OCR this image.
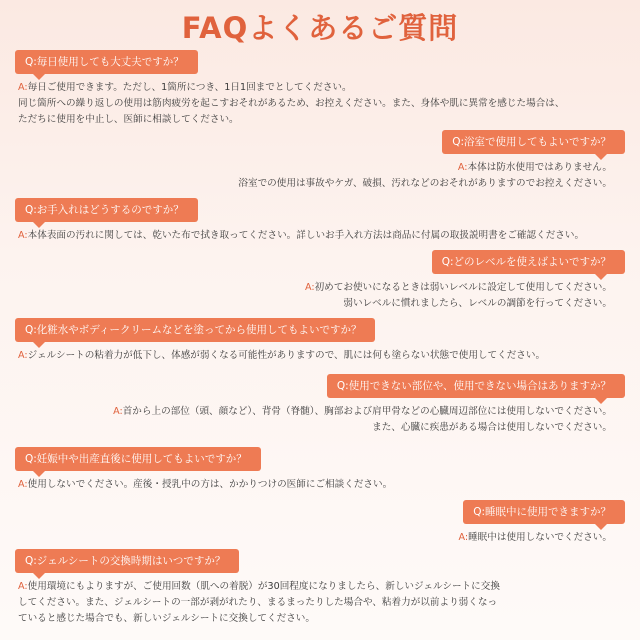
FAQよくあるご質問
Q:毎日使用しても大丈夫ですか？
A:毎日ご使用できます。ただし、1箇所につき、1日1回までとしてください。
同じ箇所への繰り返しの使用は筋肉疲労を起こすおそれがあるため、お控えください。また、身体や肌に異常を感じた場合は、
ただちに使用を中止し、医師に相談してください。
Q:浴室で使用してもよいですか？
A:本体は防水使用ではありません。
浴室での使用は事故やケガ、破損、汚れなどのおそれがありますのでお控えください。
Q:お手入れはどうするのですか？
A:本体表面の汚れに関しては、乾いた布で拭き取ってください。詳しいお手入れ方法は商品に付属の取扱説明書をご確認ください。
Q:どのレベルを使えばよいですか？
A:初めてお使いになるときは弱いレベルに設定して使用してください。
弱いレベルに慣れましたら、レベルの調節を行ってください。
Q:化粧水やボディークリームなどを塗ってから使用してもよいですか？
A:ジェルシートの粘着力が低下し、体感が弱くなる可能性がありますので、肌には何も塗らない状態で使用してください。
Q:使用できない部位や、使用できない場合はありますか？
A:首から上の部位（頭、顔など）、背骨（脊髄）、胸部および肩甲骨などの心臓周辺部位には使用しないでください。
また、心臓に疾患がある場合は使用しないでください。
Q:妊娠中や出産直後に使用してもよいですか？
A:使用しないでください。産後・授乳中の方は、かかりつけの医師にご相談ください。
Q:睡眠中に使用できますか？
A:睡眠中は使用しないでください。
Q:ジェルシートの交換時期はいつですか？
A:使用環境にもよりますが、ご使用回数（肌への着脱）が30回程度になりましたら、新しいジェルシートに交換
してください。また、ジェルシートの一部が剥がれたり、まるまったりした場合や、粘着力が以前より弱くなっ
ていると感じた場合でも、新しいジェルシートに交換してください。
